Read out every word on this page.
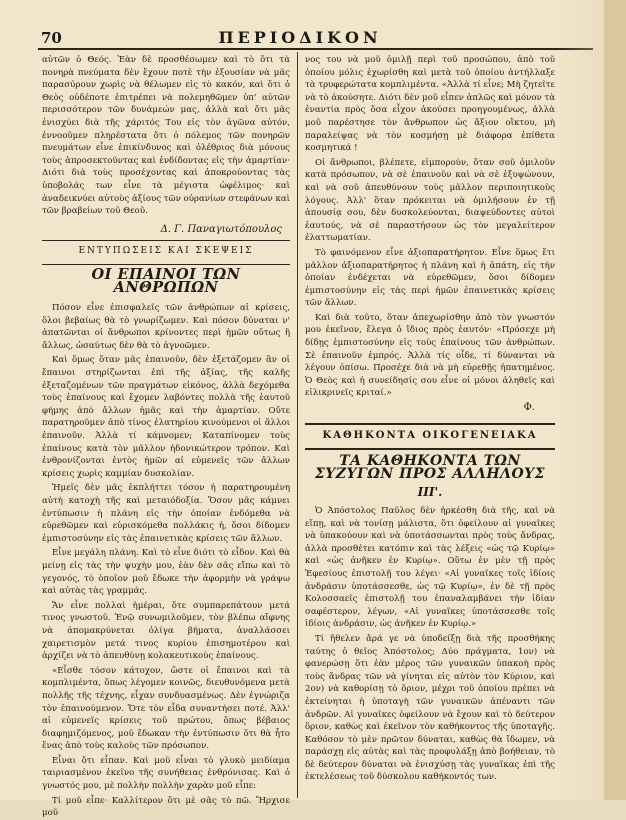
70	ΠΕΡΙΟΔΙΚΟΝ

αὐτῶν ὁ Θεός. Ἐὰν δὲ προσθέσωμεν καὶ τὸ ὅτι τὰ πονηρὰ πνεύματα δὲν ἔχουν ποτὲ τὴν ἐξουσίαν νὰ μᾶς παρασύρουν χωρὶς νὰ θέλωμεν εἰς τὸ κακόν, καὶ ὅτι ὁ Θεὸς οὐδέποτε ἐπιτρέπει νὰ πολεμηθῶμεν ὑπ' αὐτῶν περισσότερον τῶν δυνάμεών μας, ἀλλὰ καὶ ὅτι μᾶς ἐνισχύει διὰ τῆς χάριτός Του εἰς τὸν ἀγῶνα αὐτόν, ἐννοοῦμεν πληρέστατα ὅτι ὁ πόλεμος τῶν πονηρῶν πνευμάτων εἶνε ἐπικίνδυνος καὶ ὀλέθριος διὰ μόνους τοὺς ἀπροσεκτοῦντας καὶ ἐνδίδοντας εἰς τὴν ἁμαρτίαν· Διότι διὰ τοὺς προσέχοντας καὶ ἀποκρούοντας τὰς ὑποβολάς των εἶνε τὰ μέγιστα ὠφέλιμος· καὶ ἀναδεικνύει αὐτοὺς ἀξίους τῶν οὐρανίων στεφάνων καὶ τῶν βραβείων τοῦ Θεοῦ.

Δ. Γ. Παναγιωτόπουλος
ΕΝΤΥΠΩΣΕΙΣ ΚΑΙ ΣΚΕΨΕΙΣ
ΟΙ ΕΠΑΙΝΟΙ ΤΩΝ ΑΝΘΡΩΠΩΝ

Πόσον εἶνε ἐπισφαλεῖς τῶν ἀνθρώπων αἱ κρίσεις, ὅλοι βεβαίως θὰ τὸ γνωρίζωμεν. Καὶ πόσον δύναται ν' ἀπατῶνται οἱ ἄνθρωποι κρίνοντες περὶ ἡμῶν οὕτως ἢ ἄλλως, ὡσαύτως δὲν θὰ τὸ ἀγνοῶμεν.

Καὶ ὅμως ὅταν μᾶς ἐπαινοῦν, δὲν ἐξετάζομεν ἂν οἱ ἔπαινοι στηρίζωνται ἐπὶ τῆς ἀξίας, τῆς καλῆς ἐξεταζομένων τῶν πραγμάτων εἰκόνος, ἀλλὰ δεχόμεθα τοὺς ἐπαίνους καὶ ἔχομεν λαβόντες πολλὰ τῆς ἑαυτοῦ φήμης ἀπὸ ἄλλων ἡμᾶς καὶ τὴν ἁμαρτίαν. Οὕτε παρατηροῦμεν ἀπὸ τίνος ἐλατηρίου κινούμενοι οἱ ἄλλοι ἐπαινοῦν. Ἀλλὰ τί κάμνομεν; Καταπίνομεν τοὺς ἐπαίνους κατὰ τὸν μᾶλλον ἡδονικώτερον τρόπον. Καὶ ἐνθρονίζονται ἐντὸς ἡμῶν αἱ εὐμενεῖς τῶν ἄλλων κρίσεις χωρὶς καμμίαν δυσκολίαν.

Ἡμεῖς δὲν μᾶς ἐκπλήττει τόσον ἡ παρατηρουμένη αὐτὴ κατοχὴ τῆς καὶ μεταιόδοξία. Ὅσον μᾶς κάμνει ἐντύπωσιν ἡ πλάνη εἰς τὴν ὁποίαν ἐνδόμεθα νὰ εὑρεθῶμεν καὶ εὑρισκόμεθα πολλάκις ἡ, ὅσοι δίδομεν ἐμπιστοσύνην εἰς τὰς ἐπαινετικὰς κρίσεις τῶν ἄλλων.

Εἶνε μεγάλη πλάνη. Καὶ τὸ εἶνε διότι τὸ εἶδον. Καὶ θὰ μείνῃ εἰς τὰς τὴν ψυχὴν μου, ἐὰν δὲν σᾶς εἴπω καὶ τὸ γεγονός, τὸ ὁποῖον μοῦ ἔδωκε τὴν ἀφορμὴν νὰ γράψω καὶ αὐτὰς τὰς γραμμάς.

Ἄν εἶνε πολλαὶ ἡμέραι, ὅτε συμπαρεπάτουν μετά τινος γνωστοῦ. Ἐνῷ συνωμιλοῦμεν, τὸν βλέπω αἴφνης νὰ ἀπομακρύνεται ὀλίγα βήματα, ἀναλλάσσει χαιρετισμὸν μετά τινος κυρίου ἐπισημοτέρου καὶ ἀρχίζει νὰ τὸ ἀπευθύνῃ κολακευτικοὺς ἐπαίνους.

«Εἶσθε τόσον κάτοχον, ὥστε οἱ ἔπαινοι καὶ τὰ κομπλιμέντα, ὅπως λέγομεν κοινῶς, διευθυνόμενα μετὰ πολλῆς τῆς τέχνης, εἶχαν συνδυασμένως. Δὲν ἐγνώριζα τὸν ἐπαινούμενον. Ὅτε τὸν εἶδα συναντήσει ποτέ. Ἀλλ' αἱ εὐμενεῖς κρίσεις τοῦ πρώτου, ὅπως βέβαιος διαφημιζόμενος, μοῦ ἔδωκαν τὴν ἐντύπωσιν ὅτι θὰ ἦτο ἕνας ἀπὸ τοὺς καλοὺς τῶν πρόσωπον.

Εἶναι ὅτι εἶπαν. Καὶ μοῦ εἶναι τὸ γλυκὸ μειδίαμα ταιριασμένον ἐκεῖνο τῆς συνήθειας ἐνθρόνισας. Καὶ ὁ γνωστός μου, μὲ πολλὴν πολλὴν χαρὰν μοῦ εἶπε:

Τί μοῦ εἶπε· Καλλίτερον ὅτι μὲ σᾶς τὸ πῶ. Ἤρχισε μοῦ

νος του νὰ μοῦ ὁμιλῇ περὶ τοῦ προσώπου, ἀπὸ τοῦ ὁποίου μόλις ἐχωρίσθη καὶ μετὰ τοῦ ὁποίου ἀντήλλαξε τὰ τρυφερώτατα κομπλιμέντα. «Ἀλλὰ τί εἶνε; Μὴ ζητεῖτε νὰ τὸ ἀκούσητε. Διότι δὲν μοῦ εἶπεν ἁπλῶς καὶ μόνον τὰ ἐναντία πρὸς ὅσα εἶχον ἀκούσει προηγουμένως, ἀλλὰ μοῦ παρέστησε τὸν ἄνθρωπον ὡς ἄξιον οἴκτου, μὴ παραλείψας νὰ τὸν κοσμήσῃ μὲ διάφορα ἐπίθετα κοσμητικά !

Οἱ ἄνθρωποι, βλέπετε, εἰμπορούν, ὅταν σοῦ ὁμιλοῦν κατὰ πρόσωπον, νὰ σὲ ἐπαινοῦν καὶ νὰ σὲ ἐξυψώνουν, καὶ νὰ σοῦ ἀπευθύνουν τοὺς μᾶλλον περιποιητικοὺς λόγους. Ἀλλ' ὅταν πρόκειται νὰ ὁμιλήσουν ἐν τῇ ἀπουσίᾳ σου, δὲν δυσκολεύονται, διαψεύδοντες αὐτοὶ ἑαυτούς, νὰ σὲ παραστήσουν ὡς τὸν μεγαλείτερον ἐλαττωματίαν.

Τὸ φαινόμενον εἶνε ἀξιοπαρατήρητον. Εἶνε ὅμως ἔτι μᾶλλον ἀξιοπαρατήρητος ἡ πλάνη καὶ ἡ ἀπάτη, εἰς τὴν ὁποίαν ἐνδέχεται νὰ εὑρεθῶμεν, ὅσοι δίδομεν ἐμπιστοσύνην εἰς τὰς περὶ ἡμῶν ἐπαινετικὰς κρίσεις τῶν ἄλλων.

Καὶ διὰ τοῦτο, ὅταν ἀπεχωρίσθην ἀπὸ τὸν γνωστόν μου ἐκεῖνον, ἔλεγα ὁ ἴδιος πρὸς ἑαυτόν· «Πρόσεχε μὴ δίδῃς ἐμπιστοσύνην εἰς τοὺς ἐπαίνους τῶν ἀνθρώπων. Σὲ ἐπαινοῦν ἐμπρός. Ἀλλὰ τίς οἶδε, τί δύνανται νὰ λέγουν ὀπίσω. Προσέχε διὰ νὰ μὴ εὑρεθῇς ἠπατημένος. Ὁ Θεὸς καὶ ἡ συνείδησίς σου εἶνε οἱ μόνοι ἀληθεῖς καὶ εἰλικρινεῖς κριταί.»

Φ.
ΚΑΘΗΚΟΝΤΑ ΟΙΚΟΓΕΝΕΙΑΚΑ
ΤΑ ΚΑΘΗΚΟΝΤΑ ΤΩΝ ΣΥΖΥΓΩΝ ΠΡΟΣ ΑΛΛΗΛΟΥΣ
ΙΙΙ'.

Ὁ Ἀπόστολος Παῦλος δὲν ἠρκέσθη διὰ τῆς, καὶ νὰ εἴπῃ, καὶ νὰ τονίσῃ μάλιστα, ὅτι ὀφείλουν αἱ γυναῖκες νὰ ὑπακούουν καὶ νὰ ὑποτάσσωνται πρὸς τοὺς ἄνδρας, ἀλλὰ προσθέτει κατόπιν καὶ τὰς λέξεις «ὡς τῷ Κυρίῳ» καὶ «ὡς ἀνῆκεν ἐν Κυρίῳ». Οὕτω ἐν μὲν τῇ πρὸς Ἐφεσίους ἐπιστολῇ του λέγει· «Αἱ γυναῖκες τοῖς ἰδίοις ἀνδράσιν ὑποτάσσεσθε, ὡς τῷ Κυρίῳ», ἐν δὲ τῇ πρὸς Κολοσσαεῖς ἐπιστολῇ του ἐπαναλαμβάνει τὴν ἰδίαν σαφέστερον, λέγων, «Αἱ γυναῖκες ὑποτάσσεσθε τοῖς ἰδίοις ἀνδράσιν, ὡς ἀνῆκεν ἐν Κυρίῳ.»

Τί ἤθελεν ἄρά γε νὰ ὑποδείξῃ διὰ τῆς προσθήκης ταύτης ὁ θεῖος Ἀπόστολος; Δύο πράγματα, 1ον) νὰ φανερώσῃ ὅτι ἐὰν μέρος τῶν γυναικῶν ὑπακοὴ πρὸς τοὺς ἄνδρας τῶν νὰ γίνηται εἰς αὐτὸν τὸν Κύριον, καὶ 2ον) νὰ καθορίσῃ τὸ ὅριον, μέχρι τοῦ ὁποίου πρέπει νὰ ἐκτείνηται ἡ ὑποταγὴ τῶν γυναικῶν ἀπέναντι τῶν ἀνδρῶν. Αἱ γυναῖκες ὀφείλουν νὰ ἔχουν καὶ τὸ δεύτερον ὅριον, καθὼς καὶ ἐκεῖνον τὸν καθήκοντος τῆς ὑποταγῆς. Καθόσον τὸ μὲν πρῶτον δύναται, καθὼς θὰ ἴδωμεν, νὰ παράσχῃ εἰς αὐτὰς καὶ τὰς προφυλάξῃ ἀπὸ βοήθειαν, τὸ δὲ δεύτερον δύναται νὰ ἐνισχύσῃ τὰς γυναῖκας ἐπὶ τῆς ἐκτελέσεως τοῦ δύσκολου καθήκοντός των.
